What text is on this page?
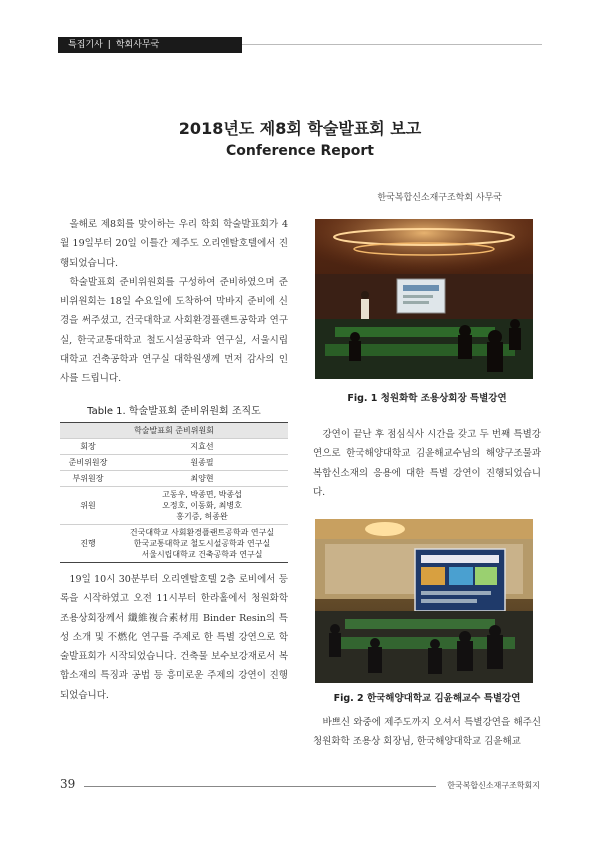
특집기사 | 학회사무국
2018년도 제8회 학술발표회 보고
Conference Report
한국복합신소재구조학회 사무국

올해로 제8회를 맞이하는 우리 학회 학술발표회가 4월 19일부터 20일 이틀간 제주도 오리엔탈호텔에서 진행되었습니다.

학술발표회 준비위원회를 구성하여 준비하였으며 준비위원회는 18일 수요일에 도착하여 막바지 준비에 신경을 써주셨고, 건국대학교 사회환경플랜트공학과 연구실, 한국교통대학교 철도시설공학과 연구실, 서울시립대학교 건축공학과 연구실 대학원생께 먼저 감사의 인사를 드립니다.

Table 1. 학술발표회 준비위원회 조직도
학술발표회 준비위원회	
회장	지효선

준비위원장	원종필

부위원장	최양현

위원	고동우, 박종면, 박종섭
오정호, 이동화, 최병호
홍기증, 허종완

진행	건국대학교 사회환경플랜트공학과 연구실
한국교통대학교 철도시설공학과 연구실
서울시립대학교 건축공학과 연구실

19일 10시 30분부터 오리엔탈호텔 2층 로비에서 등록을 시작하였고 오전 11시부터 한라홀에서 청원화학 조용상회장께서 纖維複合素材用 Binder Resin의 특성 소개 및 不燃化 연구를 주제로 한 특별 강연으로 학술발표회가 시작되었습니다. 건축물 보수보강재로서 복합소재의 특징과 공법 등 흥미로운 주제의 강연이 진행되었습니다.

Fig. 1 청원화학 조용상회장 특별강연

강연이 끝난 후 점심식사 시간을 갖고 두 번째 특별강연으로 한국해양대학교 김윤해교수님의 해양구조물과 복합신소재의 응용에 대한 특별 강연이 진행되었습니다.

Fig. 2 한국해양대학교 김윤해교수 특별강연

바쁘신 와중에 제주도까지 오셔서 특별강연을 해주신 청원화학 조용상 회장님, 한국해양대학교 김윤해교

39	한국복합신소재구조학회지
